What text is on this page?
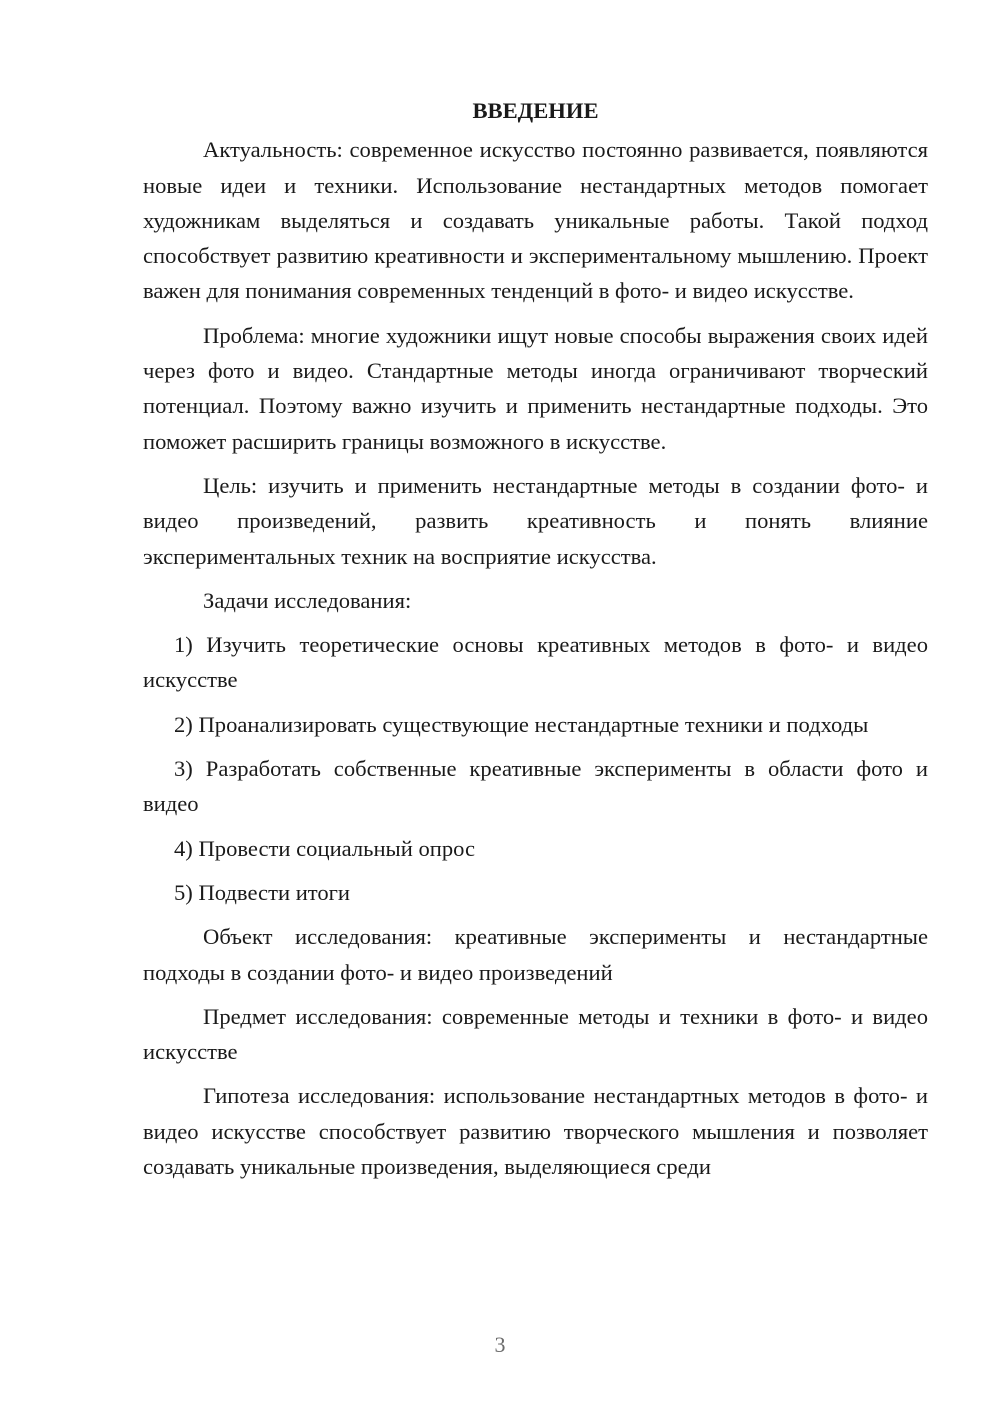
ВВЕДЕНИЕ

Актуальность: современное искусство постоянно развивается, появляются новые идеи и техники. Использование нестандартных методов помогает художникам выделяться и создавать уникальные работы. Такой подход способствует развитию креативности и экспериментальному мышлению. Проект важен для понимания современных тенденций в фото- и видео искусстве.

Проблема: многие художники ищут новые способы выражения своих идей через фото и видео. Стандартные методы иногда ограничивают творческий потенциал. Поэтому важно изучить и применить нестандартные подходы. Это поможет расширить границы возможного в искусстве.

Цель: изучить и применить нестандартные методы в создании фото- и видео произведений, развить креативность и понять влияние экспериментальных техник на восприятие искусства.

Задачи исследования:

1) Изучить теоретические основы креативных методов в фото- и видео искусстве

2) Проанализировать существующие нестандартные техники и подходы

3) Разработать собственные креативные эксперименты в области фото и видео

4) Провести социальный опрос

5) Подвести итоги

Объект исследования: креативные эксперименты и нестандартные подходы в создании фото- и видео произведений

Предмет исследования: современные методы и техники в фото- и видео искусстве

Гипотеза исследования: использование нестандартных методов в фото- и видео искусстве способствует развитию творческого мышления и позволяет создавать уникальные произведения, выделяющиеся среди

3
